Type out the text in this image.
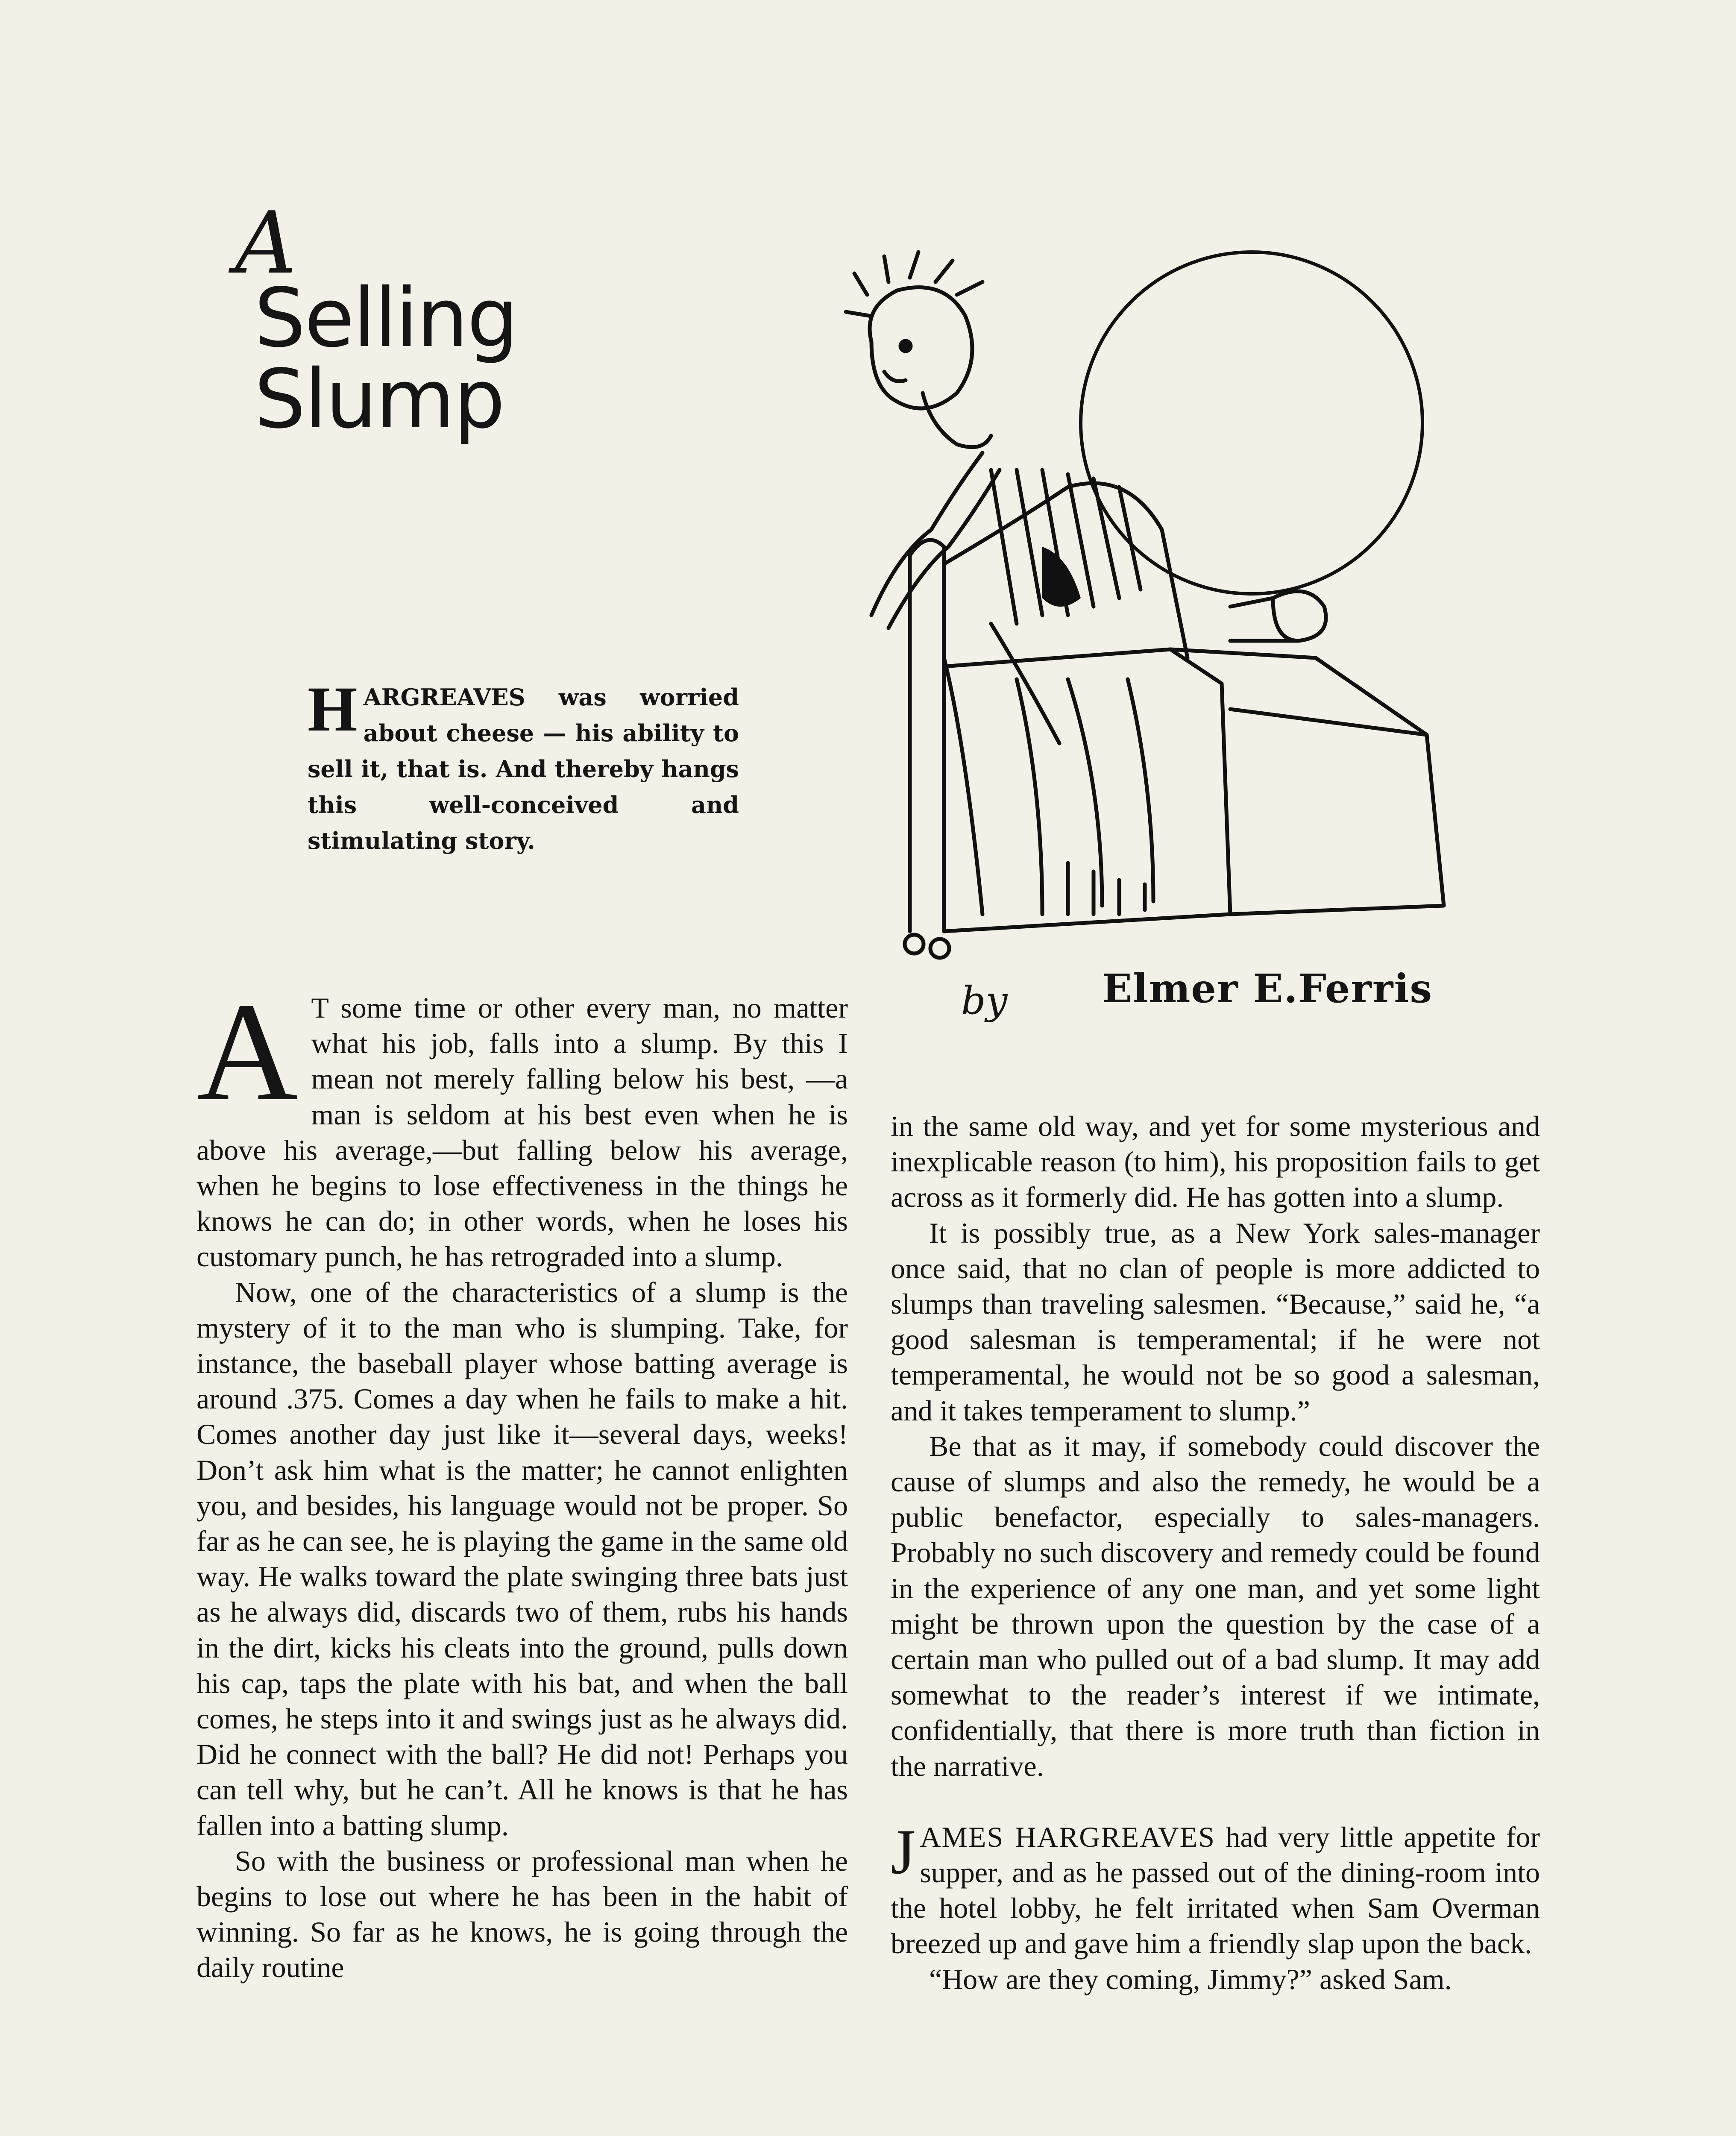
A
Selling
Slump
HARGREAVES was worried about cheese — his ability to sell it, that is. And thereby hangs this well-conceived and stimulating story.
by Elmer E.Ferris

A T some time or other every man, no matter what his job, falls into a slump. By this I mean not merely falling below his best, —a man is seldom at his best even when he is above his average,—but falling below his average, when he begins to lose effectiveness in the things he knows he can do; in other words, when he loses his customary punch, he has retrograded into a slump.

Now, one of the characteristics of a slump is the mystery of it to the man who is slumping. Take, for instance, the baseball player whose batting average is around .375. Comes a day when he fails to make a hit. Comes another day just like it—several days, weeks! Don’t ask him what is the matter; he cannot enlighten you, and besides, his language would not be proper. So far as he can see, he is playing the game in the same old way. He walks toward the plate swinging three bats just as he always did, discards two of them, rubs his hands in the dirt, kicks his cleats into the ground, pulls down his cap, taps the plate with his bat, and when the ball comes, he steps into it and swings just as he always did. Did he connect with the ball? He did not! Perhaps you can tell why, but he can’t. All he knows is that he has fallen into a batting slump.

So with the business or professional man when he begins to lose out where he has been in the habit of winning. So far as he knows, he is going through the daily routine

in the same old way, and yet for some mysterious and inexplicable reason (to him), his proposition fails to get across as it formerly did. He has gotten into a slump.

It is possibly true, as a New York sales-manager once said, that no clan of people is more addicted to slumps than traveling salesmen. “Because,” said he, “a good salesman is temperamental; if he were not temperamental, he would not be so good a salesman, and it takes temperament to slump.”

Be that as it may, if somebody could discover the cause of slumps and also the remedy, he would be a public benefactor, especially to sales-managers. Probably no such discovery and remedy could be found in the experience of any one man, and yet some light might be thrown upon the question by the case of a certain man who pulled out of a bad slump. It may add somewhat to the reader’s interest if we intimate, confidentially, that there is more truth than fiction in the narrative.

JAMES HARGREAVES had very little appetite for supper, and as he passed out of the dining-room into the hotel lobby, he felt irritated when Sam Overman breezed up and gave him a friendly slap upon the back.

“How are they coming, Jimmy?” asked Sam.
